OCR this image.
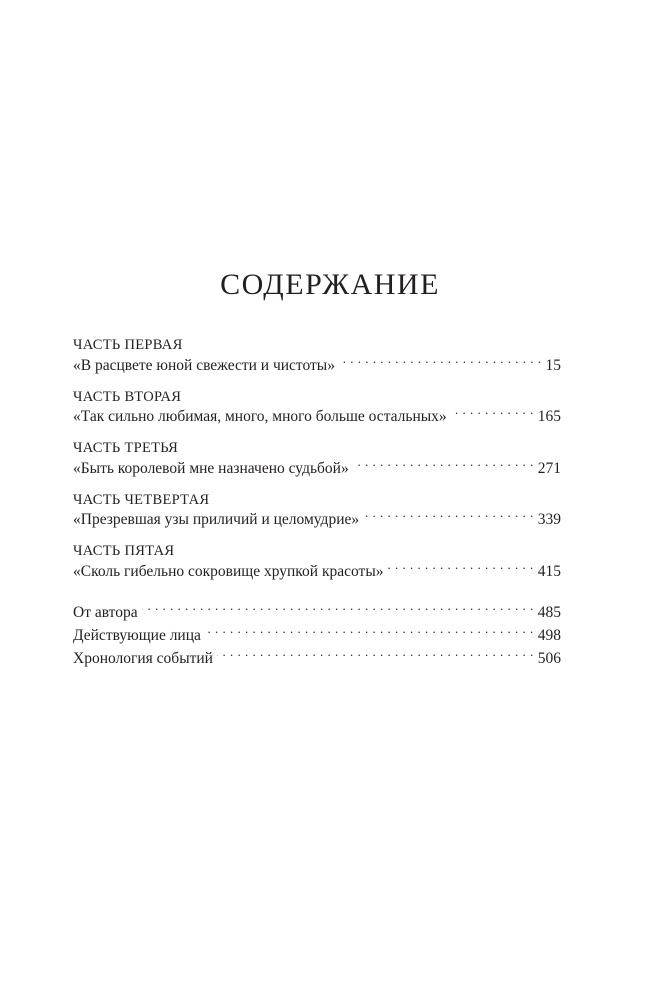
СОДЕРЖАНИЕ
ЧАСТЬ ПЕРВАЯ
«В расцвете юной свежести и чистоты» . . .	15
ЧАСТЬ ВТОРАЯ
«Так сильно любимая, много, много больше остальных» . . .	165
ЧАСТЬ ТРЕТЬЯ
«Быть королевой мне назначено судьбой» . . .	271
ЧАСТЬ ЧЕТВЕРТАЯ
«Презревшая узы приличий и целомудрие» . . .	339
ЧАСТЬ ПЯТАЯ
«Сколь гибельно сокровище хрупкой красоты» . . .	415
От автора . . .	485
Действующие лица . . .	498
Хронология событий . . .	506
